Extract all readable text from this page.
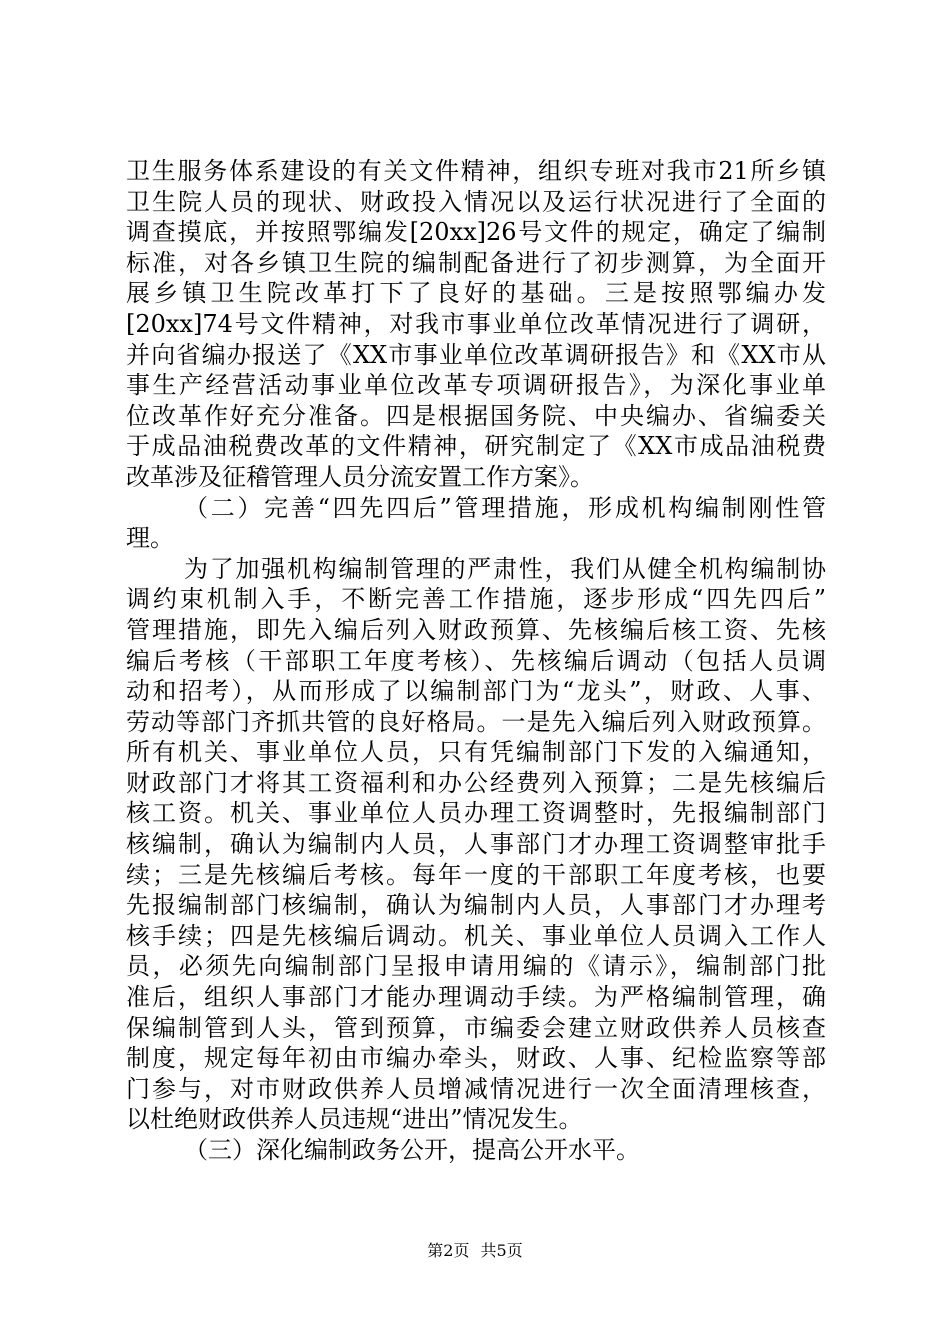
卫生服务体系建设的有关文件精神，组织专班对我市21所乡镇
卫生院人员的现状、财政投入情况以及运行状况进行了全面的
调查摸底，并按照鄂编发[20xx]26号文件的规定，确定了编制
标准，对各乡镇卫生院的编制配备进行了初步测算，为全面开
展乡镇卫生院改革打下了良好的基础。三是按照鄂编办发
[20xx]74号文件精神，对我市事业单位改革情况进行了调研，
并向省编办报送了《XX市事业单位改革调研报告》和《XX市从
事生产经营活动事业单位改革专项调研报告》，为深化事业单
位改革作好充分准备。四是根据国务院、中央编办、省编委关
于成品油税费改革的文件精神，研究制定了《XX市成品油税费
改革涉及征稽管理人员分流安置工作方案》。
（二）完善“四先四后”管理措施，形成机构编制刚性管
理。
为了加强机构编制管理的严肃性，我们从健全机构编制协
调约束机制入手，不断完善工作措施，逐步形成“四先四后”
管理措施，即先入编后列入财政预算、先核编后核工资、先核
编后考核（干部职工年度考核）、先核编后调动（包括人员调
动和招考），从而形成了以编制部门为“龙头”，财政、人事、
劳动等部门齐抓共管的良好格局。一是先入编后列入财政预算。
所有机关、事业单位人员，只有凭编制部门下发的入编通知，
财政部门才将其工资福利和办公经费列入预算；二是先核编后
核工资。机关、事业单位人员办理工资调整时，先报编制部门
核编制，确认为编制内人员，人事部门才办理工资调整审批手
续；三是先核编后考核。每年一度的干部职工年度考核，也要
先报编制部门核编制，确认为编制内人员，人事部门才办理考
核手续；四是先核编后调动。机关、事业单位人员调入工作人
员，必须先向编制部门呈报申请用编的《请示》，编制部门批
准后，组织人事部门才能办理调动手续。为严格编制管理，确
保编制管到人头，管到预算，市编委会建立财政供养人员核查
制度，规定每年初由市编办牵头，财政、人事、纪检监察等部
门参与，对市财政供养人员增减情况进行一次全面清理核查，
以杜绝财政供养人员违规“进出”情况发生。
（三）深化编制政务公开，提高公开水平。
第2页 共5页
